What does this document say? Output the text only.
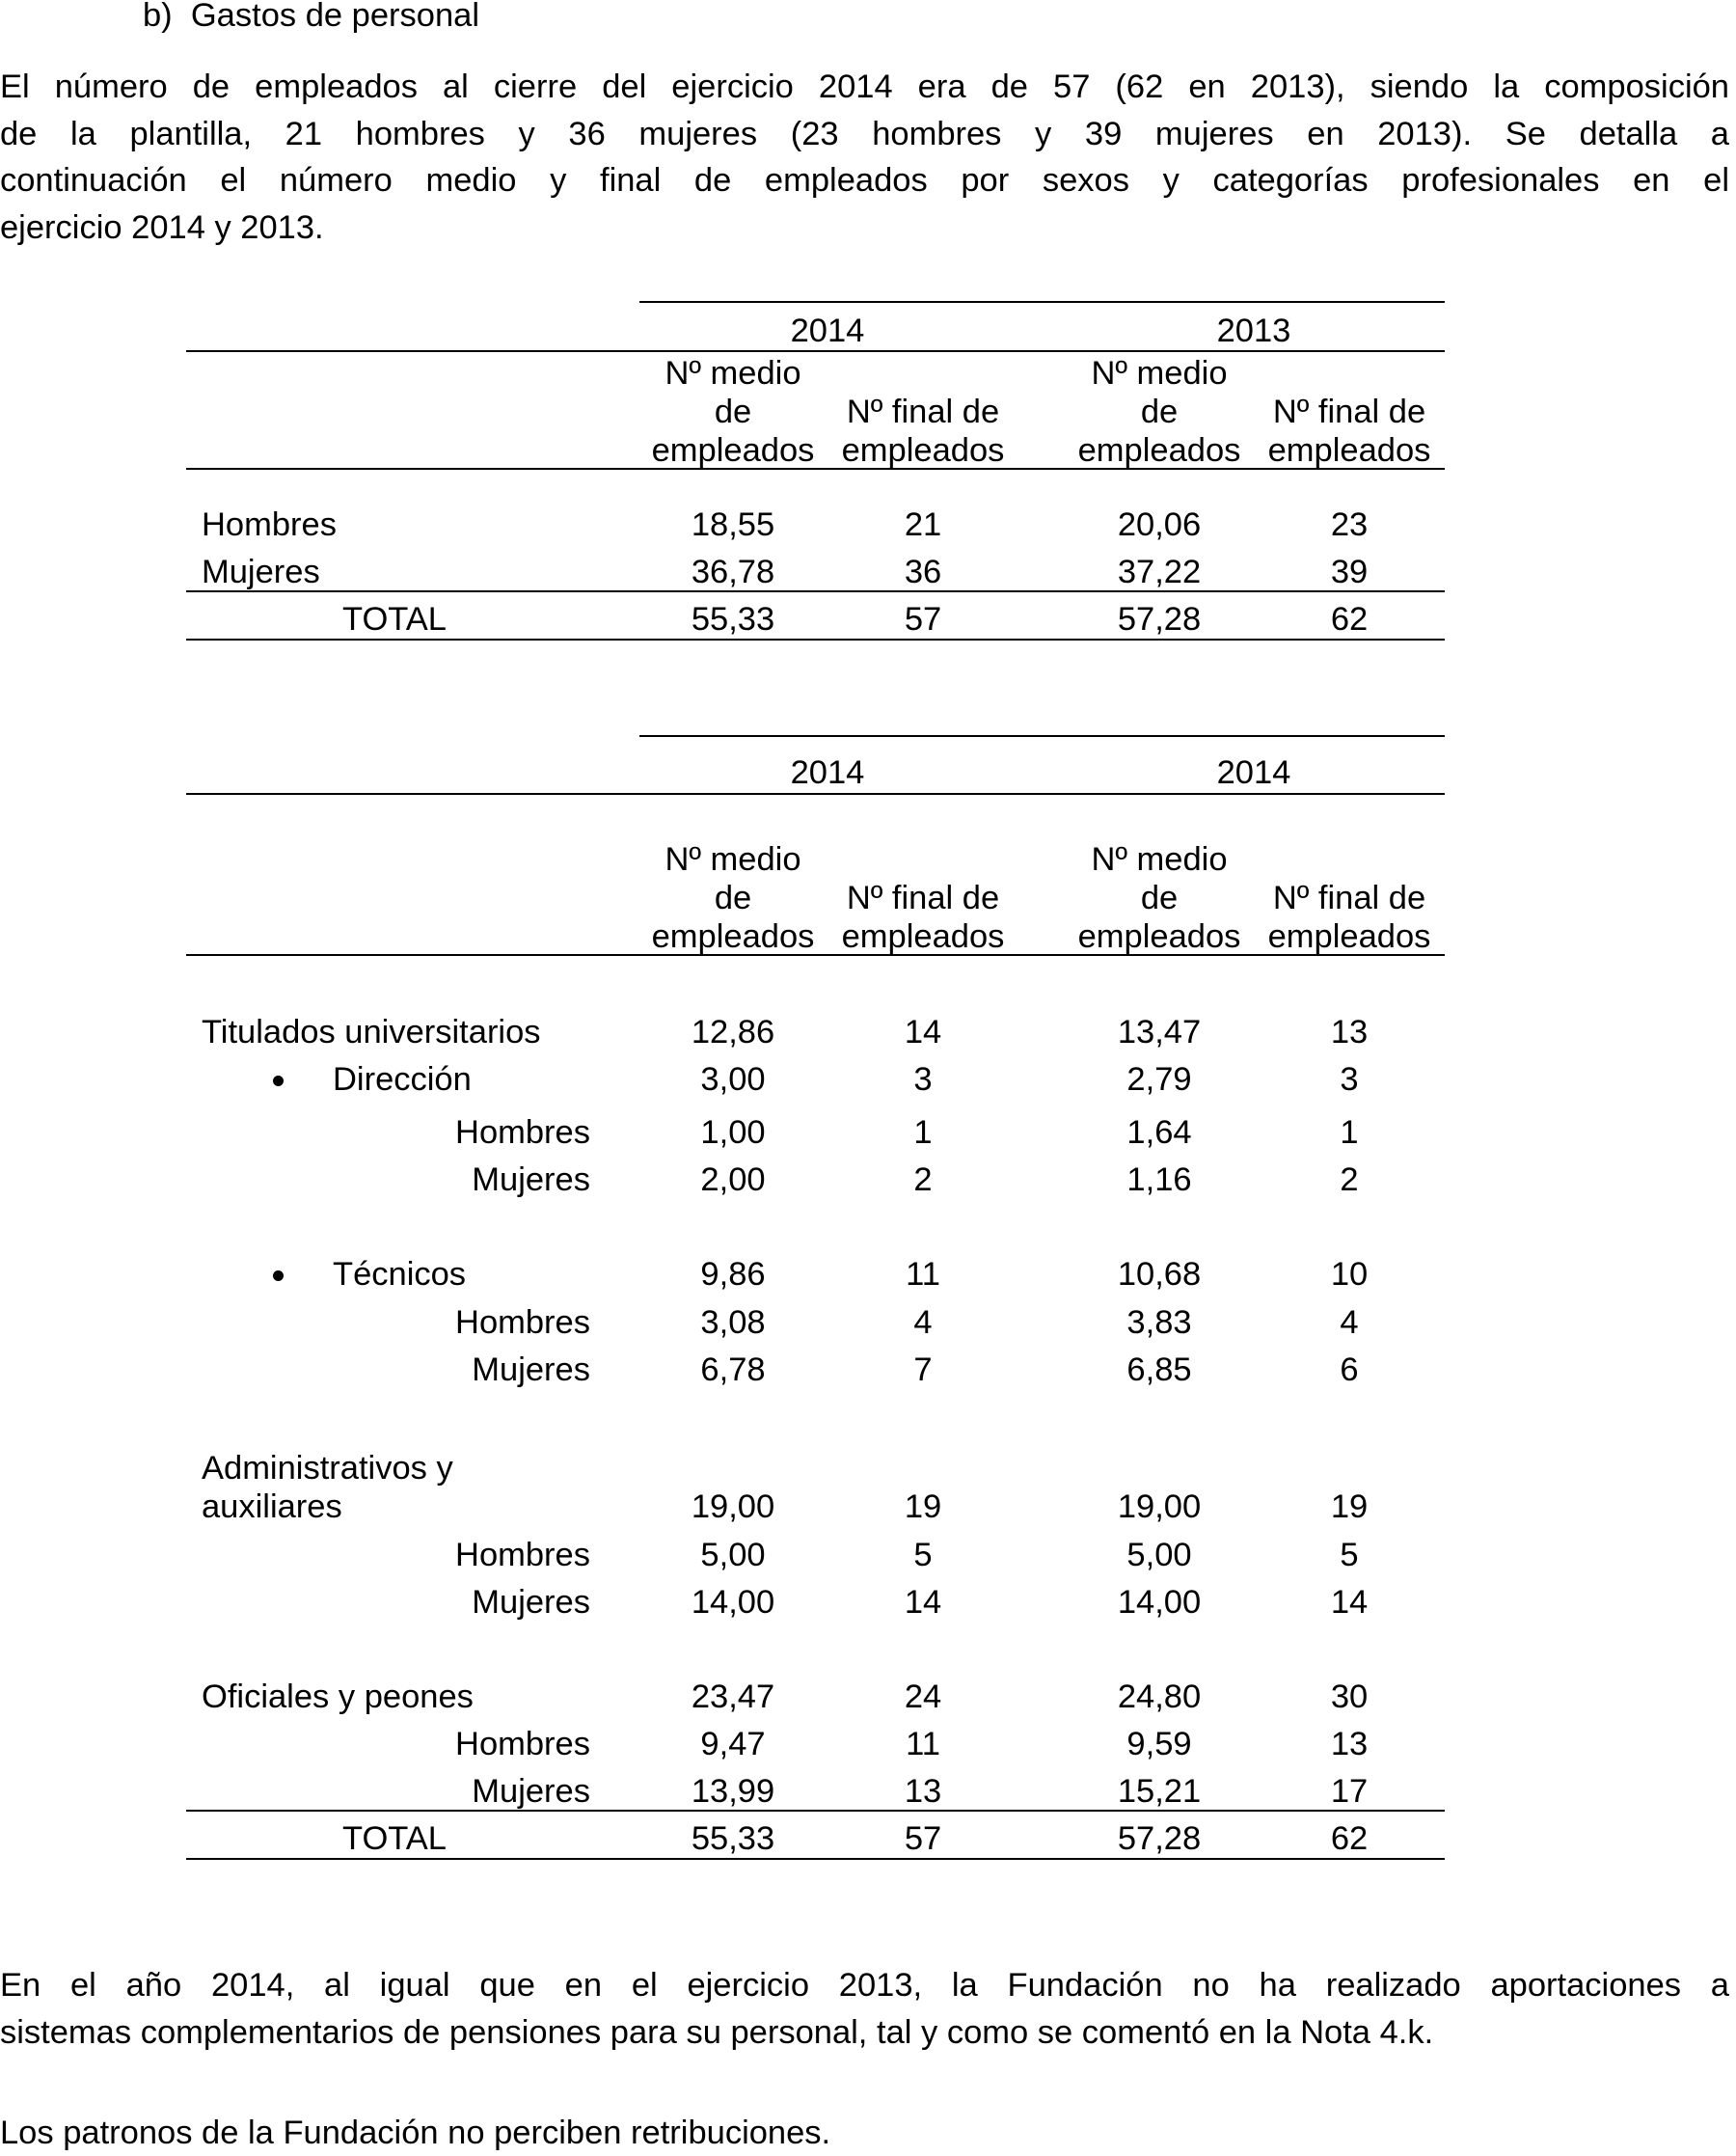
b)  Gastos de personal
El número de empleados al cierre del ejercicio 2014 era de 57 (62 en 2013), siendo la composición
de la plantilla, 21 hombres y 36 mujeres (23 hombres y 39 mujeres en 2013). Se detalla a
continuación el número medio y final de empleados por sexos y categorías profesionales en el
ejercicio 2014 y 2013.
2014	2013
Nº medio
de
empleados
Nº final de
empleados
Nº medio
de
empleados
Nº final de
empleados
Hombres	18,55	21	20,06	23
Mujeres	36,78	36	37,22	39
TOTAL	55,33	57	57,28	62
2014	2014
Nº medio
de
empleados
Nº final de
empleados
Nº medio
de
empleados
Nº final de
empleados
Titulados universitarios	12,86	14	13,47	13
Dirección	3,00	3	2,79	3
Hombres	1,00	1	1,64	1
Mujeres	2,00	2	1,16	2
Técnicos	9,86	11	10,68	10
Hombres	3,08	4	3,83	4
Mujeres	6,78	7	6,85	6
Administrativos y
auxiliares	19,00	19	19,00	19
Hombres	5,00	5	5,00	5
Mujeres	14,00	14	14,00	14
Oficiales y peones	23,47	24	24,80	30
Hombres	9,47	11	9,59	13
Mujeres	13,99	13	15,21	17
TOTAL	55,33	57	57,28	62
En el año 2014, al igual que en el ejercicio 2013, la Fundación no ha realizado aportaciones a
sistemas complementarios de pensiones para su personal, tal y como se comentó en la Nota 4.k.
Los patronos de la Fundación no perciben retribuciones.
